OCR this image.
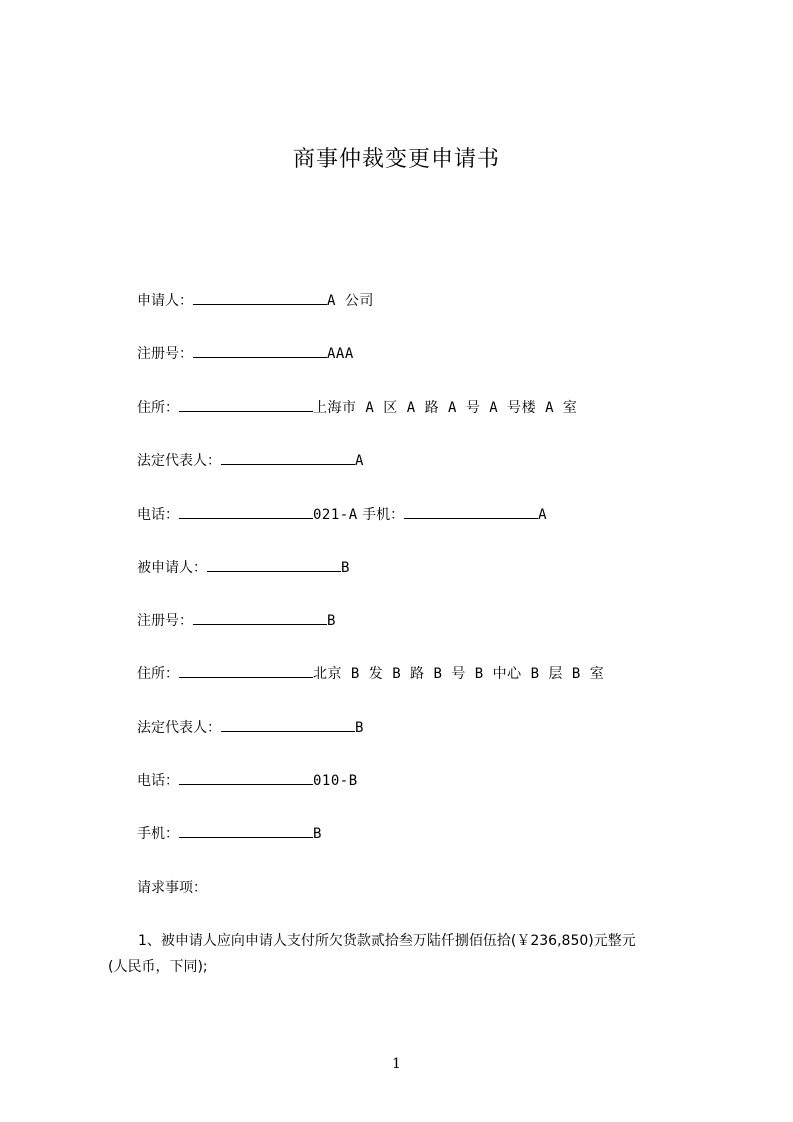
商事仲裁变更申请书
申请人：	A 公司
注册号：	AAA
住所：	上海市 A 区 A 路 A 号 A 号楼 A 室
法定代表人：	A
电话：	021-A 手机：	A
被申请人：	B
注册号：	B
住所：	北京 B 发 B 路 B 号 B 中心 B 层 B 室
法定代表人：	B
电话：	010-B
手机：	B
请求事项：
1、被申请人应向申请人支付所欠货款贰拾叁万陆仟捌佰伍拾(￥236,850)元整元
(人民币，下同);
1
